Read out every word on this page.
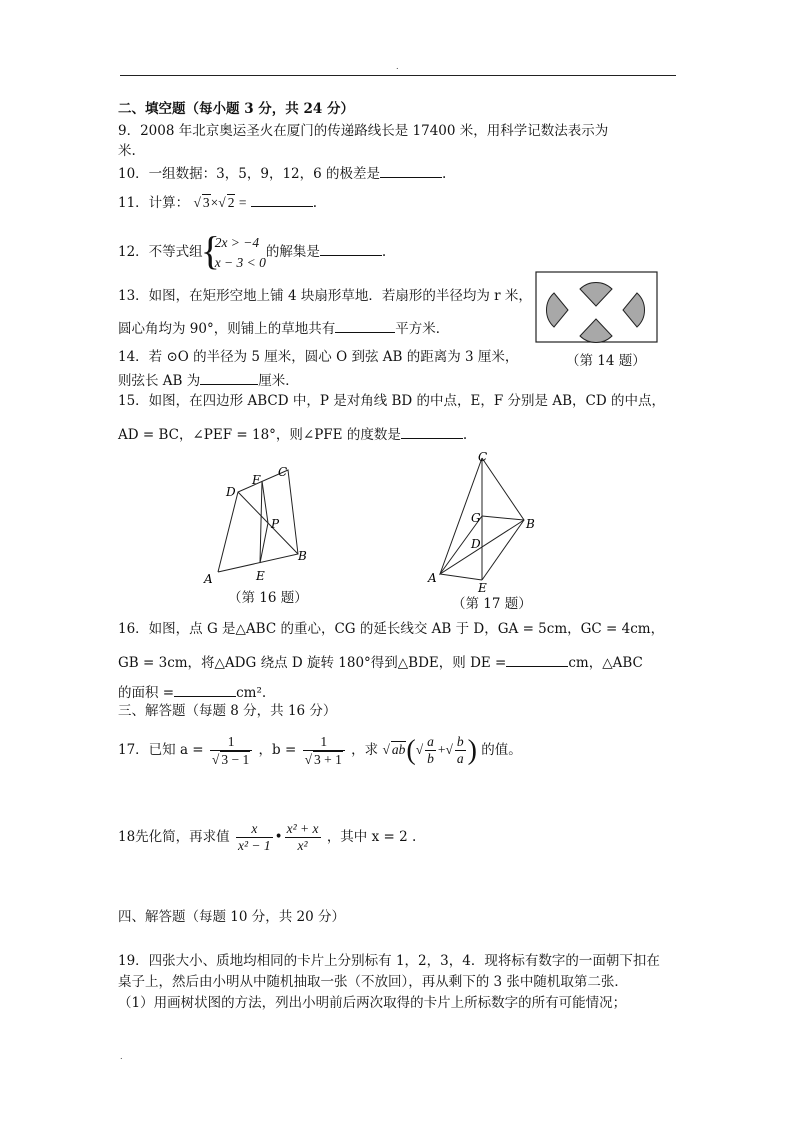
.
二、填空题（每小题 3 分，共 24 分）
9．2008 年北京奥运圣火在厦门的传递路线长是 17400 米，用科学记数法表示为
米.
10．一组数据：3，5，9，12，6 的极差是	.
11．计算： √ 3×√ 2 =	.
12．不等式组
{ 2x > −4
x − 3 < 0
的解集是	.
13．如图，在矩形空地上铺 4 块扇形草地．若扇形的半径均为 r 米，
圆心角均为 90°，则铺上的草地共有	平方米．
（第 14 题）
14．若 ⊙O 的半径为 5 厘米，圆心 O 到弦 AB 的距离为 3 厘米，
则弦长 AB 为	厘米．
15．如图，在四边形 ABCD 中，P 是对角线 BD 的中点，E，F 分别是 AB，CD 的中点，
AD = BC，∠PEF = 18°，则∠PFE 的度数是	.
D
F
C
P
B
A	E
（第 16 题）
C
G	B
D
A
E
（第 17 题）
16．如图，点 G 是△ABC 的重心，CG 的延长线交 AB 于 D，GA = 5cm，GC = 4cm，
GB = 3cm，将△ADG 绕点 D 旋转 180°得到△BDE，则 DE =	cm，△ABC
的面积 =	cm².
三、解答题（每题 8 分，共 16 分）
17．已知 $a = \frac{1}{√ 3 - 1}$ ，$b = \frac{1}{√ 3 + 1}$ ，求 √ $ab(√ \frac{a}{b}$ +√ $\frac{b}{a}$ ) 的值。
18先化简，再求值 $\frac{x}{\text{x² − 1}}$ • $\frac{\text{x² + x}}{\text{x²}}$ ，其中 x = 2 .
四、解答题（每题 10 分，共 20 分）
19．四张大小、质地均相同的卡片上分别标有 1，2，3，4．现将标有数字的一面朝下扣在
桌子上，然后由小明从中随机抽取一张（不放回），再从剩下的 3 张中随机取第二张．
（1）用画树状图的方法，列出小明前后两次取得的卡片上所标数字的所有可能情况；
.
